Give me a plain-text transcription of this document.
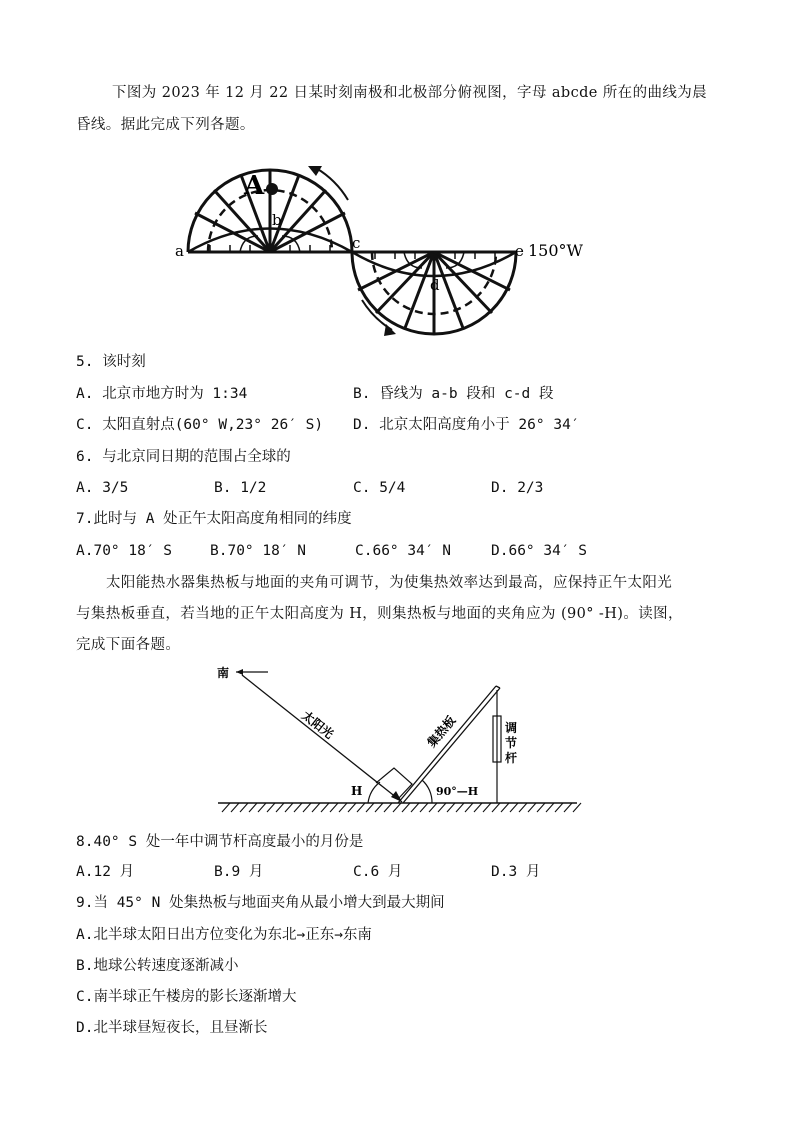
下图为 2023 年 12 月 22 日某时刻南极和北极部分俯视图，字母 abcde 所在的曲线为晨
昏线。据此完成下列各题。
a
A
b
c
d
e 150°W
5. 该时刻
A. 北京市地方时为 1:34	B. 昏线为 a-b 段和 c-d 段
C. 太阳直射点(60° W,23° 26′ S) D. 北京太阳高度角小于 26° 34′
6. 与北京同日期的范围占全球的
A. 3/5	B. 1/2	C. 5/4	D. 2/3
7.此时与 A 处正午太阳高度角相同的纬度
A.70° 18′ S	B.70° 18′ N	C.66° 34′ N	D.66° 34′ S
太阳能热水器集热板与地面的夹角可调节，为使集热效率达到最高，应保持正午太阳光
与集热板垂直，若当地的正午太阳高度为 H，则集热板与地面的夹角应为 (90° -H)。读图，
完成下面各题。
南
太阳光	集热板	调
节
杆
H	90°—H
8.40° S 处一年中调节杆高度最小的月份是
A.12 月	B.9 月	C.6 月	D.3 月
9.当 45° N 处集热板与地面夹角从最小增大到最大期间
A.北半球太阳日出方位变化为东北→正东→东南
B.地球公转速度逐渐减小
C.南半球正午楼房的影长逐渐增大
D.北半球昼短夜长，且昼渐长
